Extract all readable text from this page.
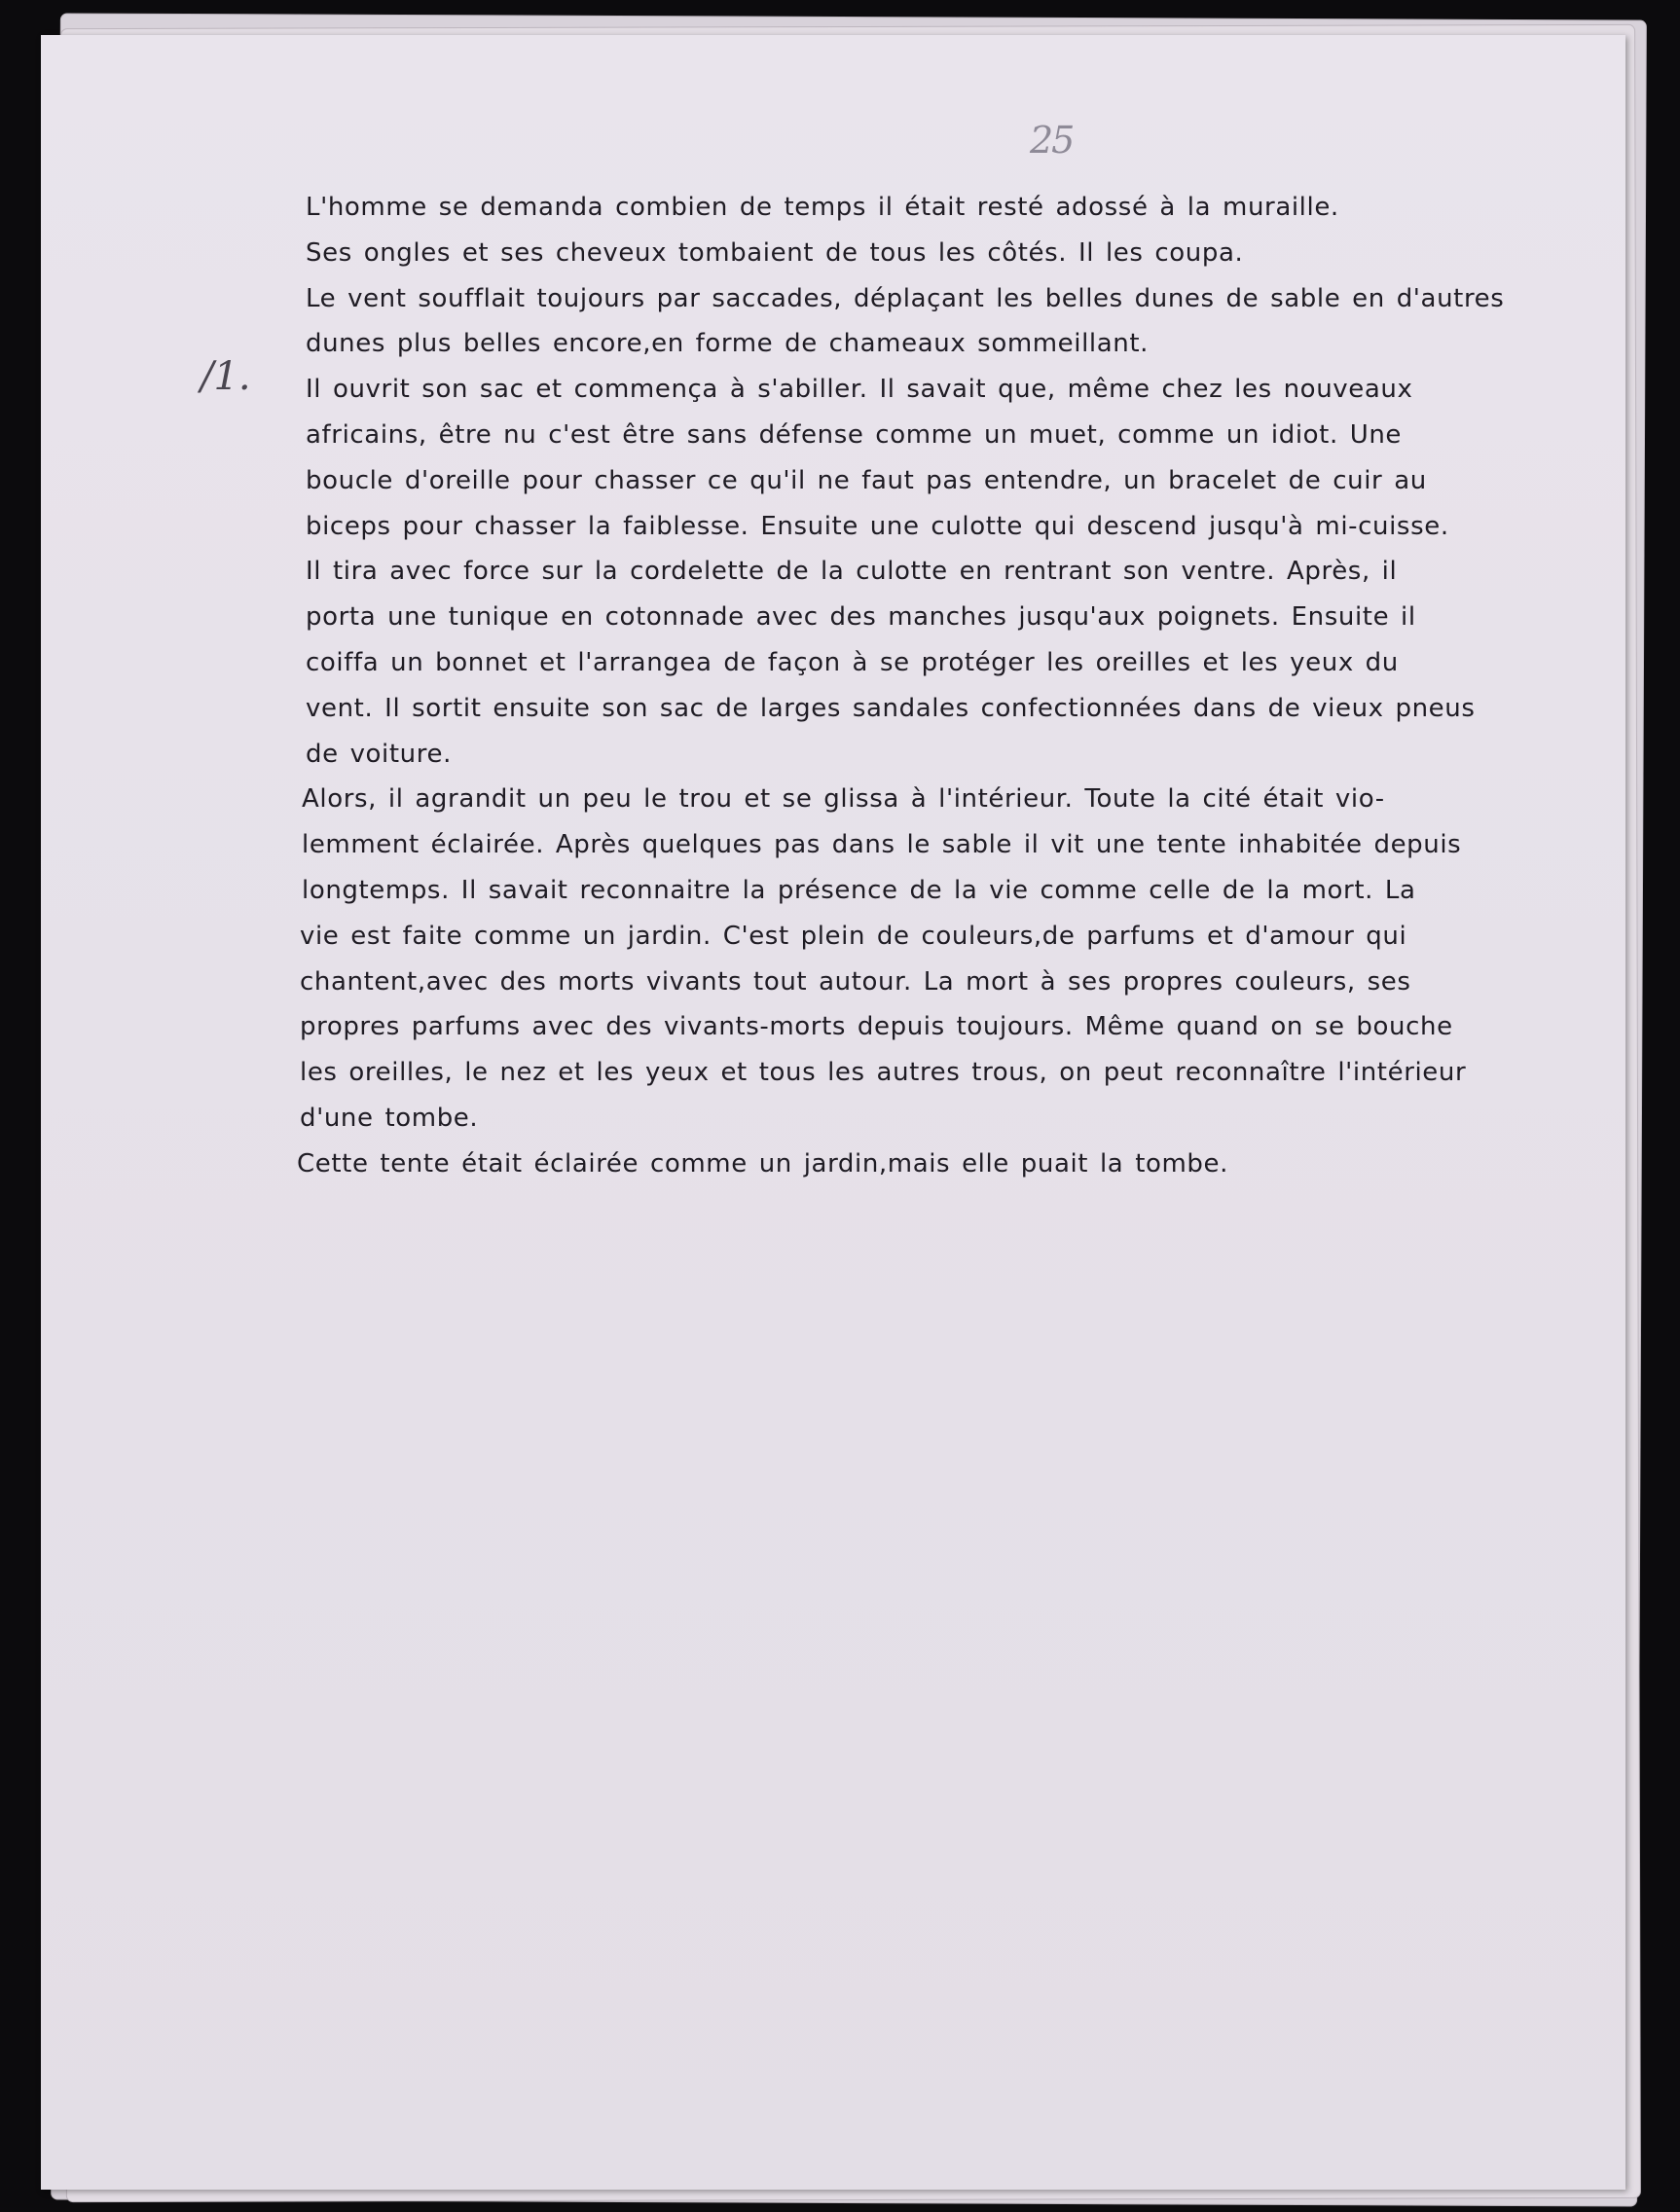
25
/1.
L'homme se demanda combien de temps il était resté adossé à la muraille.
Ses ongles et ses cheveux tombaient de tous les côtés. Il les coupa.
Le vent soufflait toujours par saccades, déplaçant les belles dunes de sable en d'autres
dunes plus belles encore,en forme de chameaux sommeillant.
Il ouvrit son sac et commença à s'abiller. Il savait que, même chez les nouveaux
africains, être nu c'est être sans défense comme un muet, comme un idiot. Une
boucle d'oreille pour chasser ce qu'il ne faut pas entendre, un bracelet de cuir au
biceps pour chasser la faiblesse. Ensuite une culotte qui descend jusqu'à mi-cuisse.
Il tira avec force sur la cordelette de la culotte en rentrant son ventre. Après, il
porta une tunique en cotonnade avec des manches jusqu'aux poignets. Ensuite il
coiffa un bonnet et l'arrangea de façon à se protéger les oreilles et les yeux du
vent. Il sortit ensuite son sac de larges sandales confectionnées dans de vieux pneus
de voiture.
Alors, il agrandit un peu le trou et se glissa à l'intérieur. Toute la cité était vio-
lemment éclairée. Après quelques pas dans le sable il vit une tente inhabitée depuis
longtemps. Il savait reconnaitre la présence de la vie comme celle de la mort. La
vie est faite comme un jardin. C'est plein de couleurs,de parfums et d'amour qui
chantent,avec des morts vivants tout autour. La mort à ses propres couleurs, ses
propres parfums avec des vivants-morts depuis toujours. Même quand on se bouche
les oreilles, le nez et les yeux et tous les autres trous, on peut reconnaître l'intérieur
d'une tombe.
Cette tente était éclairée comme un jardin,mais elle puait la tombe.
